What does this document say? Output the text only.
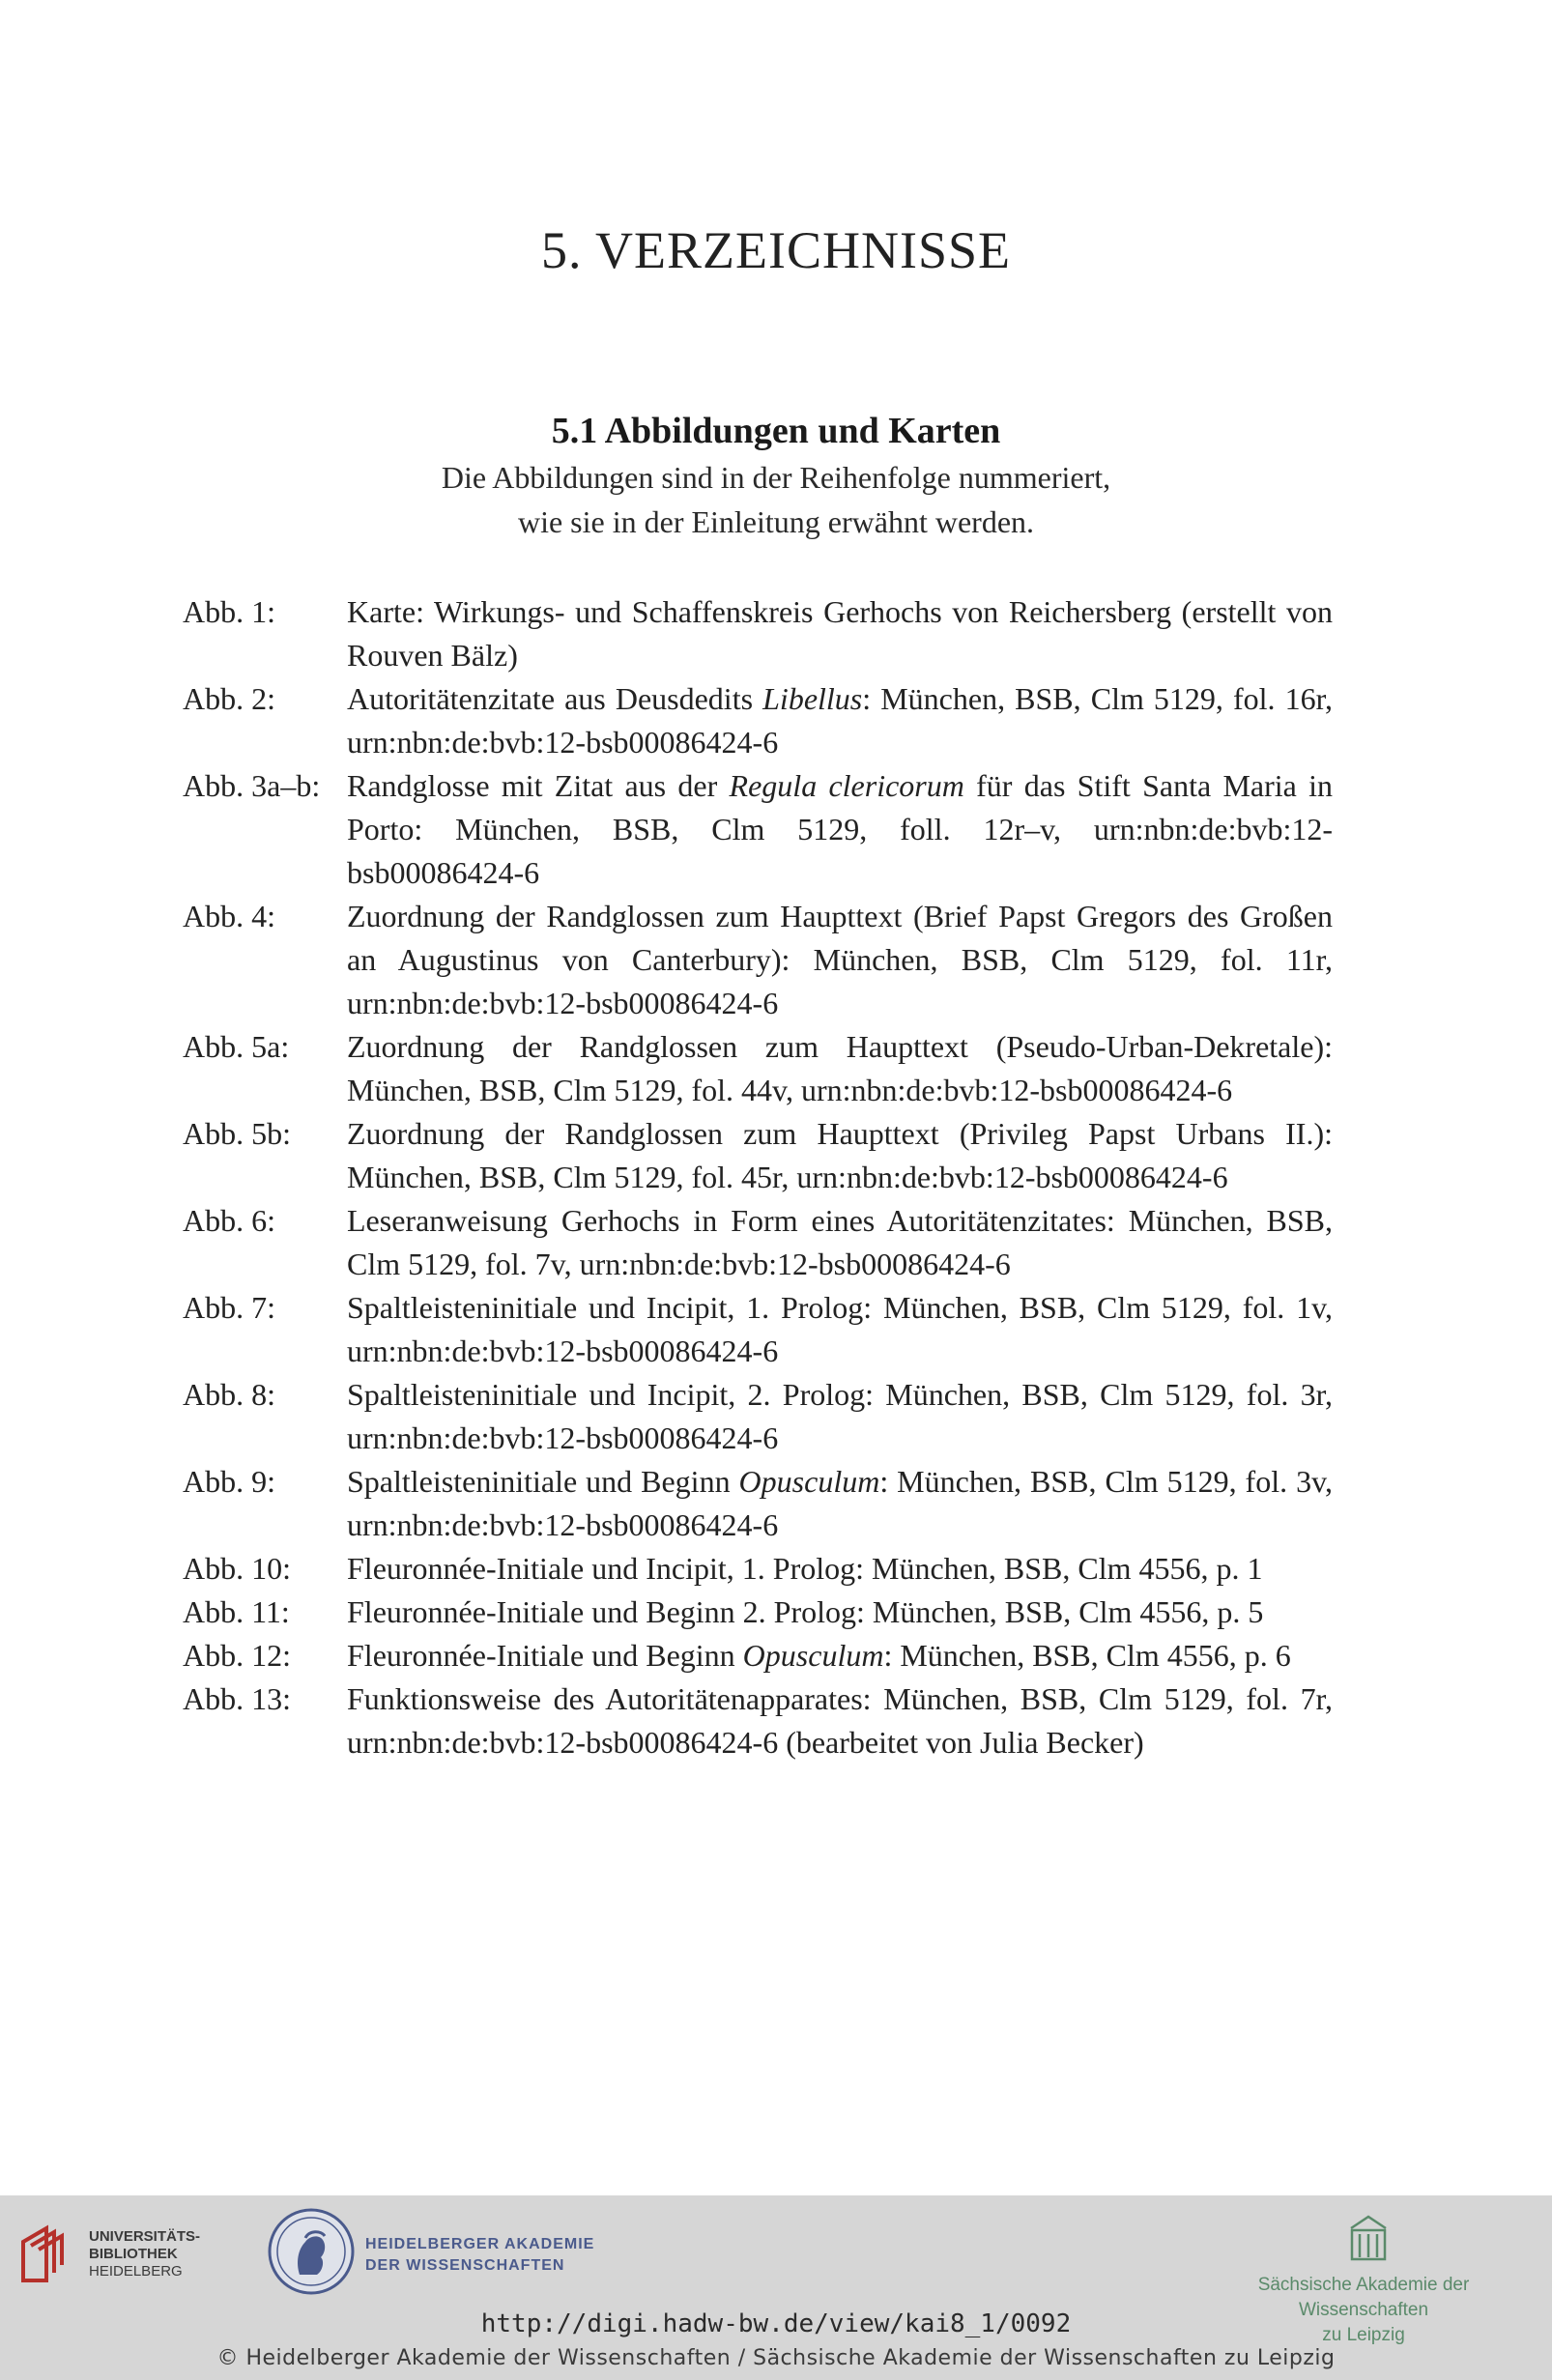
5. VERZEICHNISSE
5.1 Abbildungen und Karten
Die Abbildungen sind in der Reihenfolge nummeriert,
wie sie in der Einleitung erwähnt werden.
Abb. 1:	Karte: Wirkungs- und Schaffenskreis Gerhochs von Reichersberg (erstellt von Rouven Bälz)
Abb. 2:	Autoritätenzitate aus Deusdedits Libellus: München, BSB, Clm 5129, fol. 16r, urn:nbn:de:bvb:12-bsb00086424-6
Abb. 3a–b: Randglosse mit Zitat aus der Regula clericorum für das Stift Santa Maria in Porto: München, BSB, Clm 5129, foll. 12r–v, urn:nbn:de:bvb:12-bsb00086424-6
Abb. 4:	Zuordnung der Randglossen zum Haupttext (Brief Papst Gregors des Großen an Augustinus von Canterbury): München, BSB, Clm 5129, fol. 11r, urn:nbn:de:bvb:12-bsb00086424-6
Abb. 5a:	Zuordnung der Randglossen zum Haupttext (Pseudo-Urban-Dekretale): München, BSB, Clm 5129, fol. 44v, urn:nbn:de:bvb:12-bsb00086424-6
Abb. 5b:	Zuordnung der Randglossen zum Haupttext (Privileg Papst Urbans II.): München, BSB, Clm 5129, fol. 45r, urn:nbn:de:bvb:12-bsb00086424-6
Abb. 6:	Leseranweisung Gerhochs in Form eines Autoritätenzitates: München, BSB, Clm 5129, fol. 7v, urn:nbn:de:bvb:12-bsb00086424-6
Abb. 7:	Spaltleisteninitiale und Incipit, 1. Prolog: München, BSB, Clm 5129, fol. 1v, urn:nbn:de:bvb:12-bsb00086424-6
Abb. 8:	Spaltleisteninitiale und Incipit, 2. Prolog: München, BSB, Clm 5129, fol. 3r, urn:nbn:de:bvb:12-bsb00086424-6
Abb. 9:	Spaltleisteninitiale und Beginn Opusculum: München, BSB, Clm 5129, fol. 3v, urn:nbn:de:bvb:12-bsb00086424-6
Abb. 10:	Fleuronnée-Initiale und Incipit, 1. Prolog: München, BSB, Clm 4556, p. 1
Abb. 11:	Fleuronnée-Initiale und Beginn 2. Prolog: München, BSB, Clm 4556, p. 5
Abb. 12:	Fleuronnée-Initiale und Beginn Opusculum: München, BSB, Clm 4556, p. 6
Abb. 13:	Funktionsweise des Autoritätenapparates: München, BSB, Clm 5129, fol. 7r, urn:nbn:de:bvb:12-bsb00086424-6 (bearbeitet von Julia Becker)
UNIVERSITÄTS-
BIBLIOTHEK
HEIDELBERG
HEIDELBERGER AKADEMIE
DER WISSENSCHAFTEN
Sächsische Akademie der Wissenschaften
zu Leipzig
http://digi.hadw-bw.de/view/kai8_1/0092
© Heidelberger Akademie der Wissenschaften / Sächsische Akademie der Wissenschaften zu Leipzig
